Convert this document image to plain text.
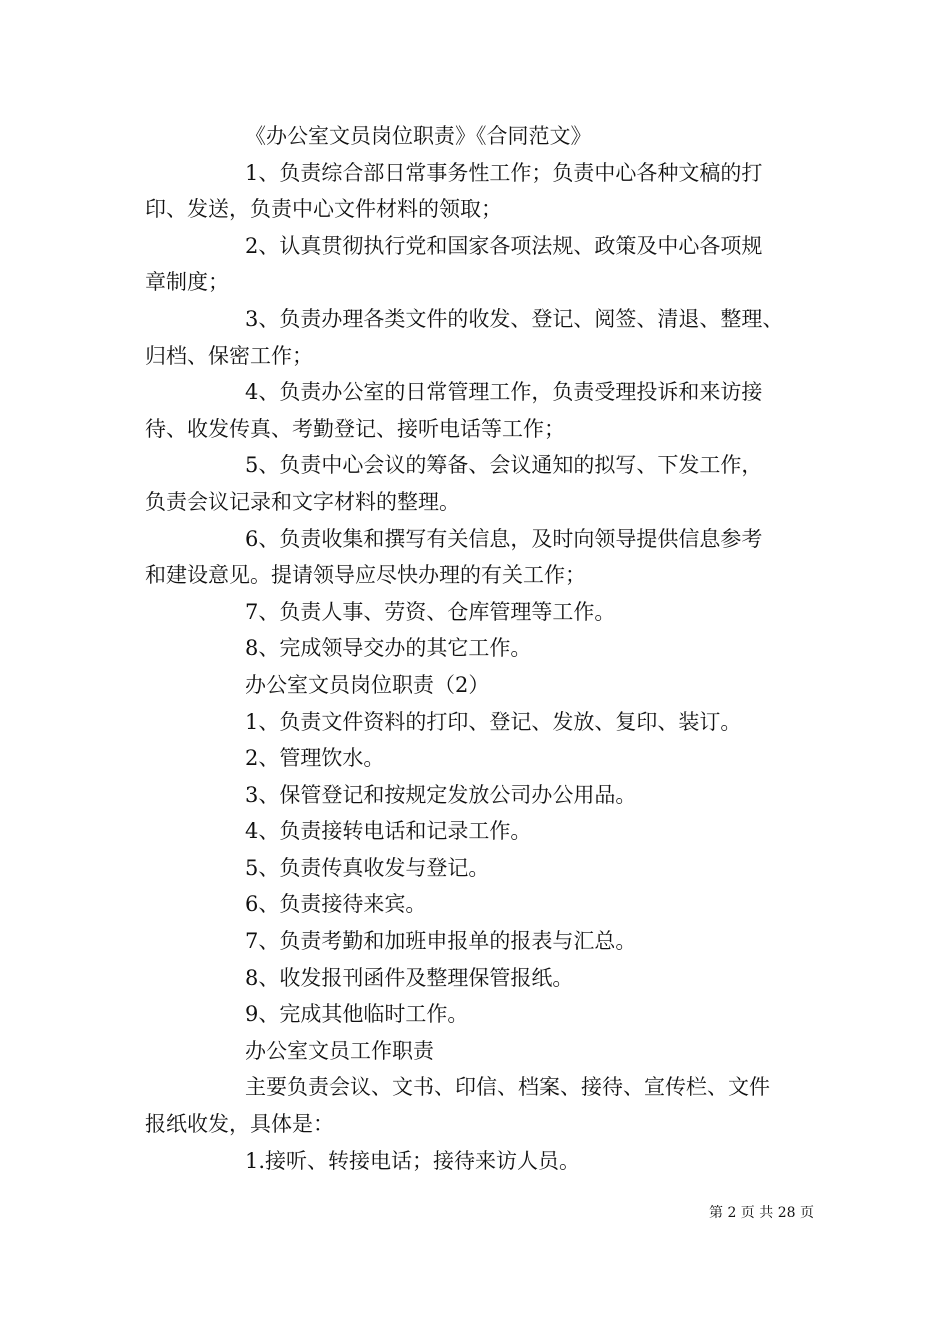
《办公室文员岗位职责》《合同范文》
1、负责综合部日常事务性工作；负责中心各种文稿的打
印、发送，负责中心文件材料的领取；
2、认真贯彻执行党和国家各项法规、政策及中心各项规
章制度；
3、负责办理各类文件的收发、登记、阅签、清退、整理、
归档、保密工作；
4、负责办公室的日常管理工作，负责受理投诉和来访接
待、收发传真、考勤登记、接听电话等工作；
5、负责中心会议的筹备、会议通知的拟写、下发工作，
负责会议记录和文字材料的整理。
6、负责收集和撰写有关信息，及时向领导提供信息参考
和建设意见。提请领导应尽快办理的有关工作；
7、负责人事、劳资、仓库管理等工作。
8、完成领导交办的其它工作。
办公室文员岗位职责（2）
1、负责文件资料的打印、登记、发放、复印、装订。
2、管理饮水。
3、保管登记和按规定发放公司办公用品。
4、负责接转电话和记录工作。
5、负责传真收发与登记。
6、负责接待来宾。
7、负责考勤和加班申报单的报表与汇总。
8、收发报刊函件及整理保管报纸。
9、完成其他临时工作。
办公室文员工作职责
主要负责会议、文书、印信、档案、接待、宣传栏、文件
报纸收发，具体是：
1.接听、转接电话；接待来访人员。
第 2 页 共 28 页
